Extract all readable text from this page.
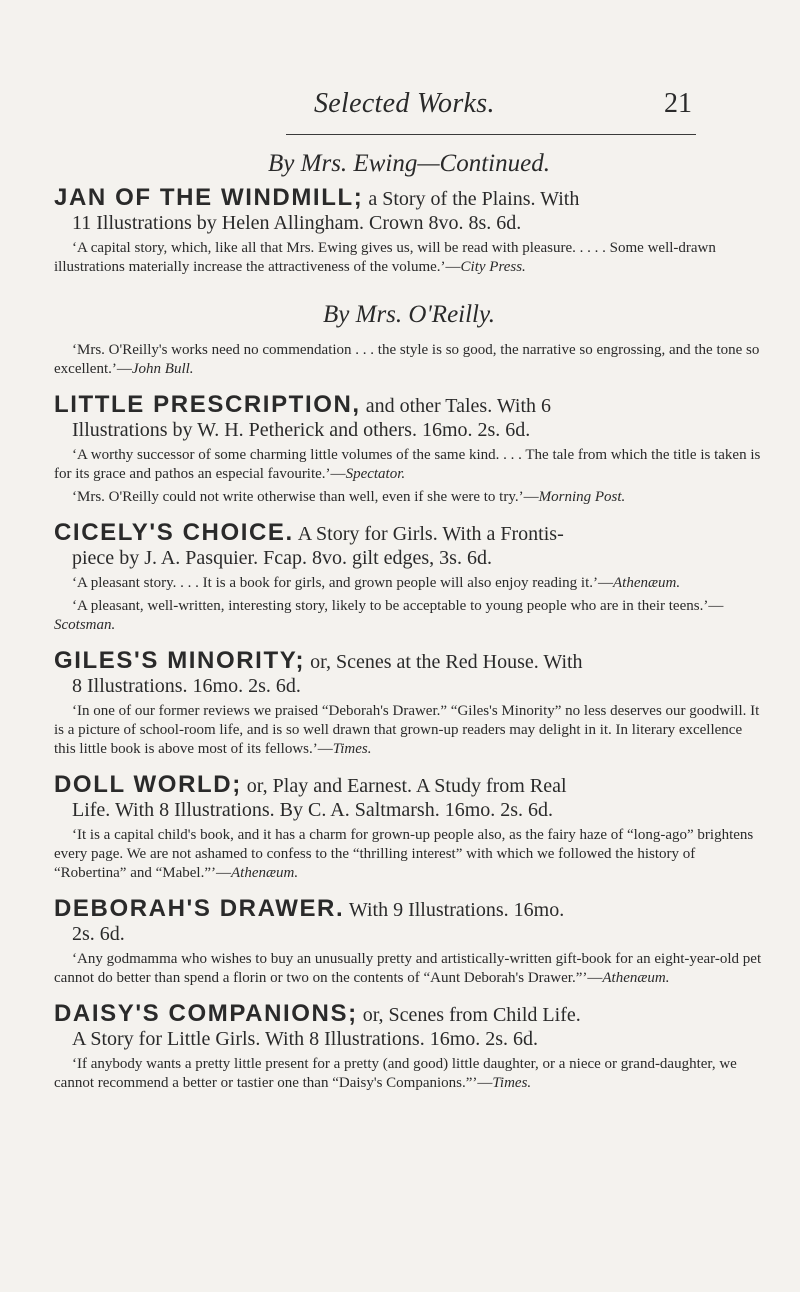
Selected Works.	21
By Mrs. Ewing—Continued.

JAN OF THE WINDMILL; a Story of the Plains. With
11 Illustrations by Helen Allingham. Crown 8vo. 8s. 6d.

‘A capital story, which, like all that Mrs. Ewing gives us, will be read with pleasure. . . . . Some well-drawn illustrations materially increase the attractiveness of the volume.’—City Press.

By Mrs. O'Reilly.

‘Mrs. O'Reilly's works need no commendation . . . the style is so good, the narrative so engrossing, and the tone so excellent.’—John Bull.

LITTLE PRESCRIPTION, and other Tales. With 6
Illustrations by W. H. Petherick and others. 16mo. 2s. 6d.

‘A worthy successor of some charming little volumes of the same kind. . . . The tale from which the title is taken is for its grace and pathos an especial favourite.’—Spectator.

‘Mrs. O'Reilly could not write otherwise than well, even if she were to try.’—Morning Post.

CICELY'S CHOICE. A Story for Girls. With a Frontis-
piece by J. A. Pasquier. Fcap. 8vo. gilt edges, 3s. 6d.

‘A pleasant story. . . . It is a book for girls, and grown people will also enjoy reading it.’—Athenæum.

‘A pleasant, well-written, interesting story, likely to be acceptable to young people who are in their teens.’—Scotsman.

GILES'S MINORITY; or, Scenes at the Red House. With
8 Illustrations. 16mo. 2s. 6d.

‘In one of our former reviews we praised “Deborah's Drawer.” “Giles's Minority” no less deserves our goodwill. It is a picture of school-room life, and is so well drawn that grown-up readers may delight in it. In literary excellence this little book is above most of its fellows.’—Times.

DOLL WORLD; or, Play and Earnest. A Study from Real
Life. With 8 Illustrations. By C. A. Saltmarsh. 16mo. 2s. 6d.

‘It is a capital child's book, and it has a charm for grown-up people also, as the fairy haze of “long-ago” brightens every page. We are not ashamed to confess to the “thrilling interest” with which we followed the history of “Robertina” and “Mabel.”’—Athenæum.

DEBORAH'S DRAWER. With 9 Illustrations. 16mo.
2s. 6d.

‘Any godmamma who wishes to buy an unusually pretty and artistically-written gift-book for an eight-year-old pet cannot do better than spend a florin or two on the contents of “Aunt Deborah's Drawer.”’—Athenæum.

DAISY'S COMPANIONS; or, Scenes from Child Life.
A Story for Little Girls. With 8 Illustrations. 16mo. 2s. 6d.

‘If anybody wants a pretty little present for a pretty (and good) little daughter, or a niece or grand-daughter, we cannot recommend a better or tastier one than “Daisy's Companions.”’—Times.
